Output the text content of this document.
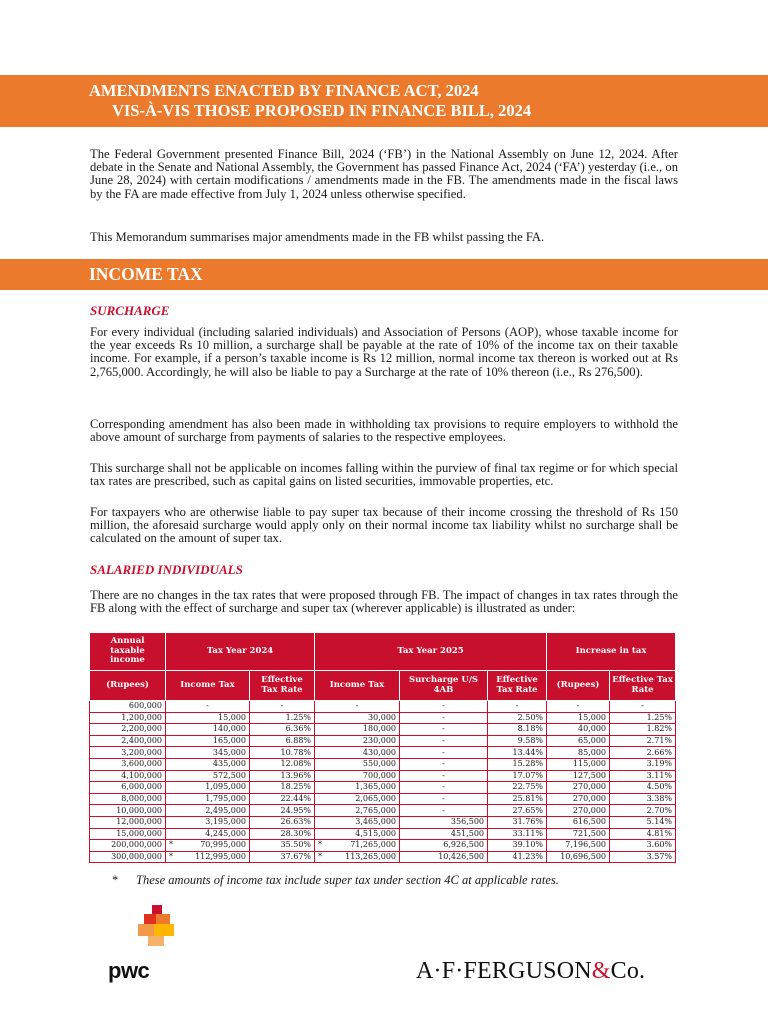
AMENDMENTS ENACTED BY FINANCE ACT, 2024
VIS-À-VIS THOSE PROPOSED IN FINANCE BILL, 2024

The Federal Government presented Finance Bill, 2024 (‘FB’) in the National Assembly on June 12, 2024. After debate in the Senate and National Assembly, the Government has passed Finance Act, 2024 (‘FA’) yesterday (i.e., on June 28, 2024) with certain modifications / amendments made in the FB. The amendments made in the fiscal laws by the FA are made effective from July 1, 2024 unless otherwise specified.

This Memorandum summarises major amendments made in the FB whilst passing the FA.

INCOME TAX
SURCHARGE

For every individual (including salaried individuals) and Association of Persons (AOP), whose taxable income for the year exceeds Rs 10 million, a surcharge shall be payable at the rate of 10% of the income tax on their taxable income. For example, if a person’s taxable income is Rs 12 million, normal income tax thereon is worked out at Rs 2,765,000. Accordingly, he will also be liable to pay a Surcharge at the rate of 10% thereon (i.e., Rs 276,500).

Corresponding amendment has also been made in withholding tax provisions to require employers to withhold the above amount of surcharge from payments of salaries to the respective employees.

This surcharge shall not be applicable on incomes falling within the purview of final tax regime or for which special tax rates are prescribed, such as capital gains on listed securities, immovable properties, etc.

For taxpayers who are otherwise liable to pay super tax because of their income crossing the threshold of Rs 150 million, the aforesaid surcharge would apply only on their normal income tax liability whilst no surcharge shall be calculated on the amount of super tax.

SALARIED INDIVIDUALS

There are no changes in the tax rates that were proposed through FB. The impact of changes in tax rates through the FB along with the effect of surcharge and super tax (wherever applicable) is illustrated as under:

Annual taxable income	Tax Year 2024		Tax Year 2025			Increase in tax	
(Rupees)	Income Tax	Effective Tax Rate	Income Tax	Surcharge U/S 4AB	Effective Tax Rate	(Rupees)	Effective Tax Rate
600,000	-	-	-	-	-	-	-
1,200,000	15,000	1.25%	30,000	-	2.50%	15,000	1.25%
2,200,000	140,000	6.36%	180,000	-	8.18%	40,000	1.82%
2,400,000	165,000	6.88%	230,000	-	9.58%	65,000	2.71%
3,200,000	345,000	10.78%	430,000	-	13.44%	85,000	2.66%
3,600,000	435,000	12.08%	550,000	-	15.28%	115,000	3.19%
4,100,000	572,500	13.96%	700,000	-	17.07%	127,500	3.11%
6,000,000	1,095,000	18.25%	1,365,000	-	22.75%	270,000	4.50%
8,000,000	1,795,000	22.44%	2,065,000	-	25.81%	270,000	3.38%
10,000,000	2,495,000	24.95%	2,765,000	-	27.65%	270,000	2.70%
12,000,000	3,195,000	26.63%	3,465,000	356,500	31.76%	616,500	5.14%
15,000,000	4,245,000	28.30%	4,515,000	451,500	33.11%	721,500	4.81%
200,000,000	* 70,995,000	35.50%	* 71,265,000	6,926,500	39.10%	7,196,500	3.60%
300,000,000	* 112,995,000	37.67%	* 113,265,000	10,426,500	41.23%	10,696,500	3.57%
* These amounts of income tax include super tax under section 4C at applicable rates.
pwc	A·F·FERGUSON&Co.
